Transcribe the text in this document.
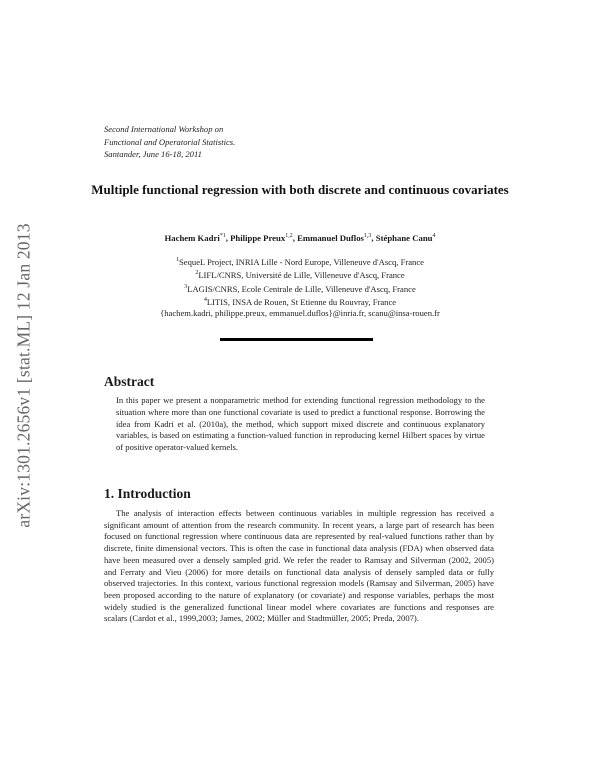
arXiv:1301.2656v1 [stat.ML] 12 Jan 2013
Second International Workshop on
Functional and Operatorial Statistics.
Santander, June 16-18, 2011
Multiple functional regression with both discrete and continuous covariates
Hachem Kadri$^{*1}$, Philippe Preux$^{1,2}$, Emmanuel Duflos$^{1,3}$, Stéphane Canu$^4$
$^1$SequeL Project, INRIA Lille - Nord Europe, Villeneuve d'Ascq, France
$^2$LIFL/CNRS, Université de Lille, Villeneuve d'Ascq, France
$^3$LAGIS/CNRS, Ecole Centrale de Lille, Villeneuve d'Ascq, France
$^4$LITIS, INSA de Rouen, St Etienne du Rouvray, France
{hachem.kadri, philippe.preux, emmanuel.duflos}@inria.fr, scanu@insa-rouen.fr
Abstract
In this paper we present a nonparametric method for extending functional regression methodology to the situation where more than one functional covariate is used to predict a functional response. Borrowing the idea from Kadri et al. (2010a), the method, which support mixed discrete and continuous explanatory variables, is based on estimating a function-valued function in reproducing kernel Hilbert spaces by virtue of positive operator-valued kernels.
1. Introduction
The analysis of interaction effects between continuous variables in multiple regression has received a significant amount of attention from the research community. In recent years, a large part of research has been focused on functional regression where continuous data are represented by real-valued functions rather than by discrete, finite dimensional vectors. This is often the case in functional data analysis (FDA) when observed data have been measured over a densely sampled grid. We refer the reader to Ramsay and Silverman (2002, 2005) and Ferraty and Vieu (2006) for more details on functional data analysis of densely sampled data or fully observed trajectories. In this context, various functional regression models (Ramsay and Silverman, 2005) have been proposed according to the nature of explanatory (or covariate) and response variables, perhaps the most widely studied is the generalized functional linear model where covariates are functions and responses are scalars (Cardot et al., 1999,2003; James, 2002; Müller and Stadtmüller, 2005; Preda, 2007).
